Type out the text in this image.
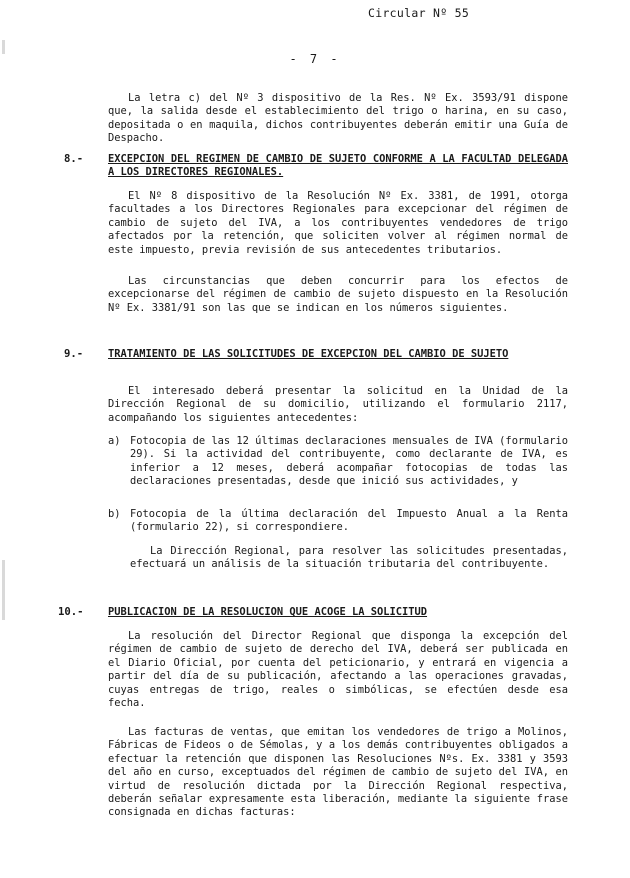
Circular Nº 55
- 7 -
La letra c) del Nº 3 dispositivo de la Res. Nº Ex. 3593/91 dispone que, la salida desde el establecimiento del trigo o harina, en su caso, depositada o en maquila, dichos contribuyentes deberán emitir una Guía de Despacho.
8.- EXCEPCION DEL REGIMEN DE CAMBIO DE SUJETO CONFORME A LA FACULTAD DELEGADA A LOS DIRECTORES REGIONALES.
El Nº 8 dispositivo de la Resolución Nº Ex. 3381, de 1991, otorga facultades a los Directores Regionales para excepcionar del régimen de cambio de sujeto del IVA, a los contribuyentes vendedores de trigo afectados por la retención, que soliciten volver al régimen normal de este impuesto, previa revisión de sus antecedentes tributarios.
Las circunstancias que deben concurrir para los efectos de excepcionarse del régimen de cambio de sujeto dispuesto en la Resolución Nº Ex. 3381/91 son las que se indican en los números siguientes.
9.- TRATAMIENTO DE LAS SOLICITUDES DE EXCEPCION DEL CAMBIO DE SUJETO
El interesado deberá presentar la solicitud en la Unidad de la Dirección Regional de su domicilio, utilizando el formulario 2117, acompañando los siguientes antecedentes:
a) Fotocopia de las 12 últimas declaraciones mensuales de IVA (formulario 29). Si la actividad del contribuyente, como declarante de IVA, es inferior a 12 meses, deberá acompañar fotocopias de todas las declaraciones presentadas, desde que inició sus actividades, y
b) Fotocopia de la última declaración del Impuesto Anual a la Renta (formulario 22), si correspondiere.
La Dirección Regional, para resolver las solicitudes presentadas, efectuará un análisis de la situación tributaria del contribuyente.
10.- PUBLICACION DE LA RESOLUCION QUE ACOGE LA SOLICITUD
La resolución del Director Regional que disponga la excepción del régimen de cambio de sujeto de derecho del IVA, deberá ser publicada en el Diario Oficial, por cuenta del peticionario, y entrará en vigencia a partir del día de su publicación, afectando a las operaciones gravadas, cuyas entregas de trigo, reales o simbólicas, se efectúen desde esa fecha.
Las facturas de ventas, que emitan los vendedores de trigo a Molinos, Fábricas de Fideos o de Sémolas, y a los demás contribuyentes obligados a efectuar la retención que disponen las Resoluciones Nºs. Ex. 3381 y 3593 del año en curso, exceptuados del régimen de cambio de sujeto del IVA, en virtud de resolución dictada por la Dirección Regional respectiva, deberán señalar expresamente esta liberación, mediante la siguiente frase consignada en dichas facturas:
